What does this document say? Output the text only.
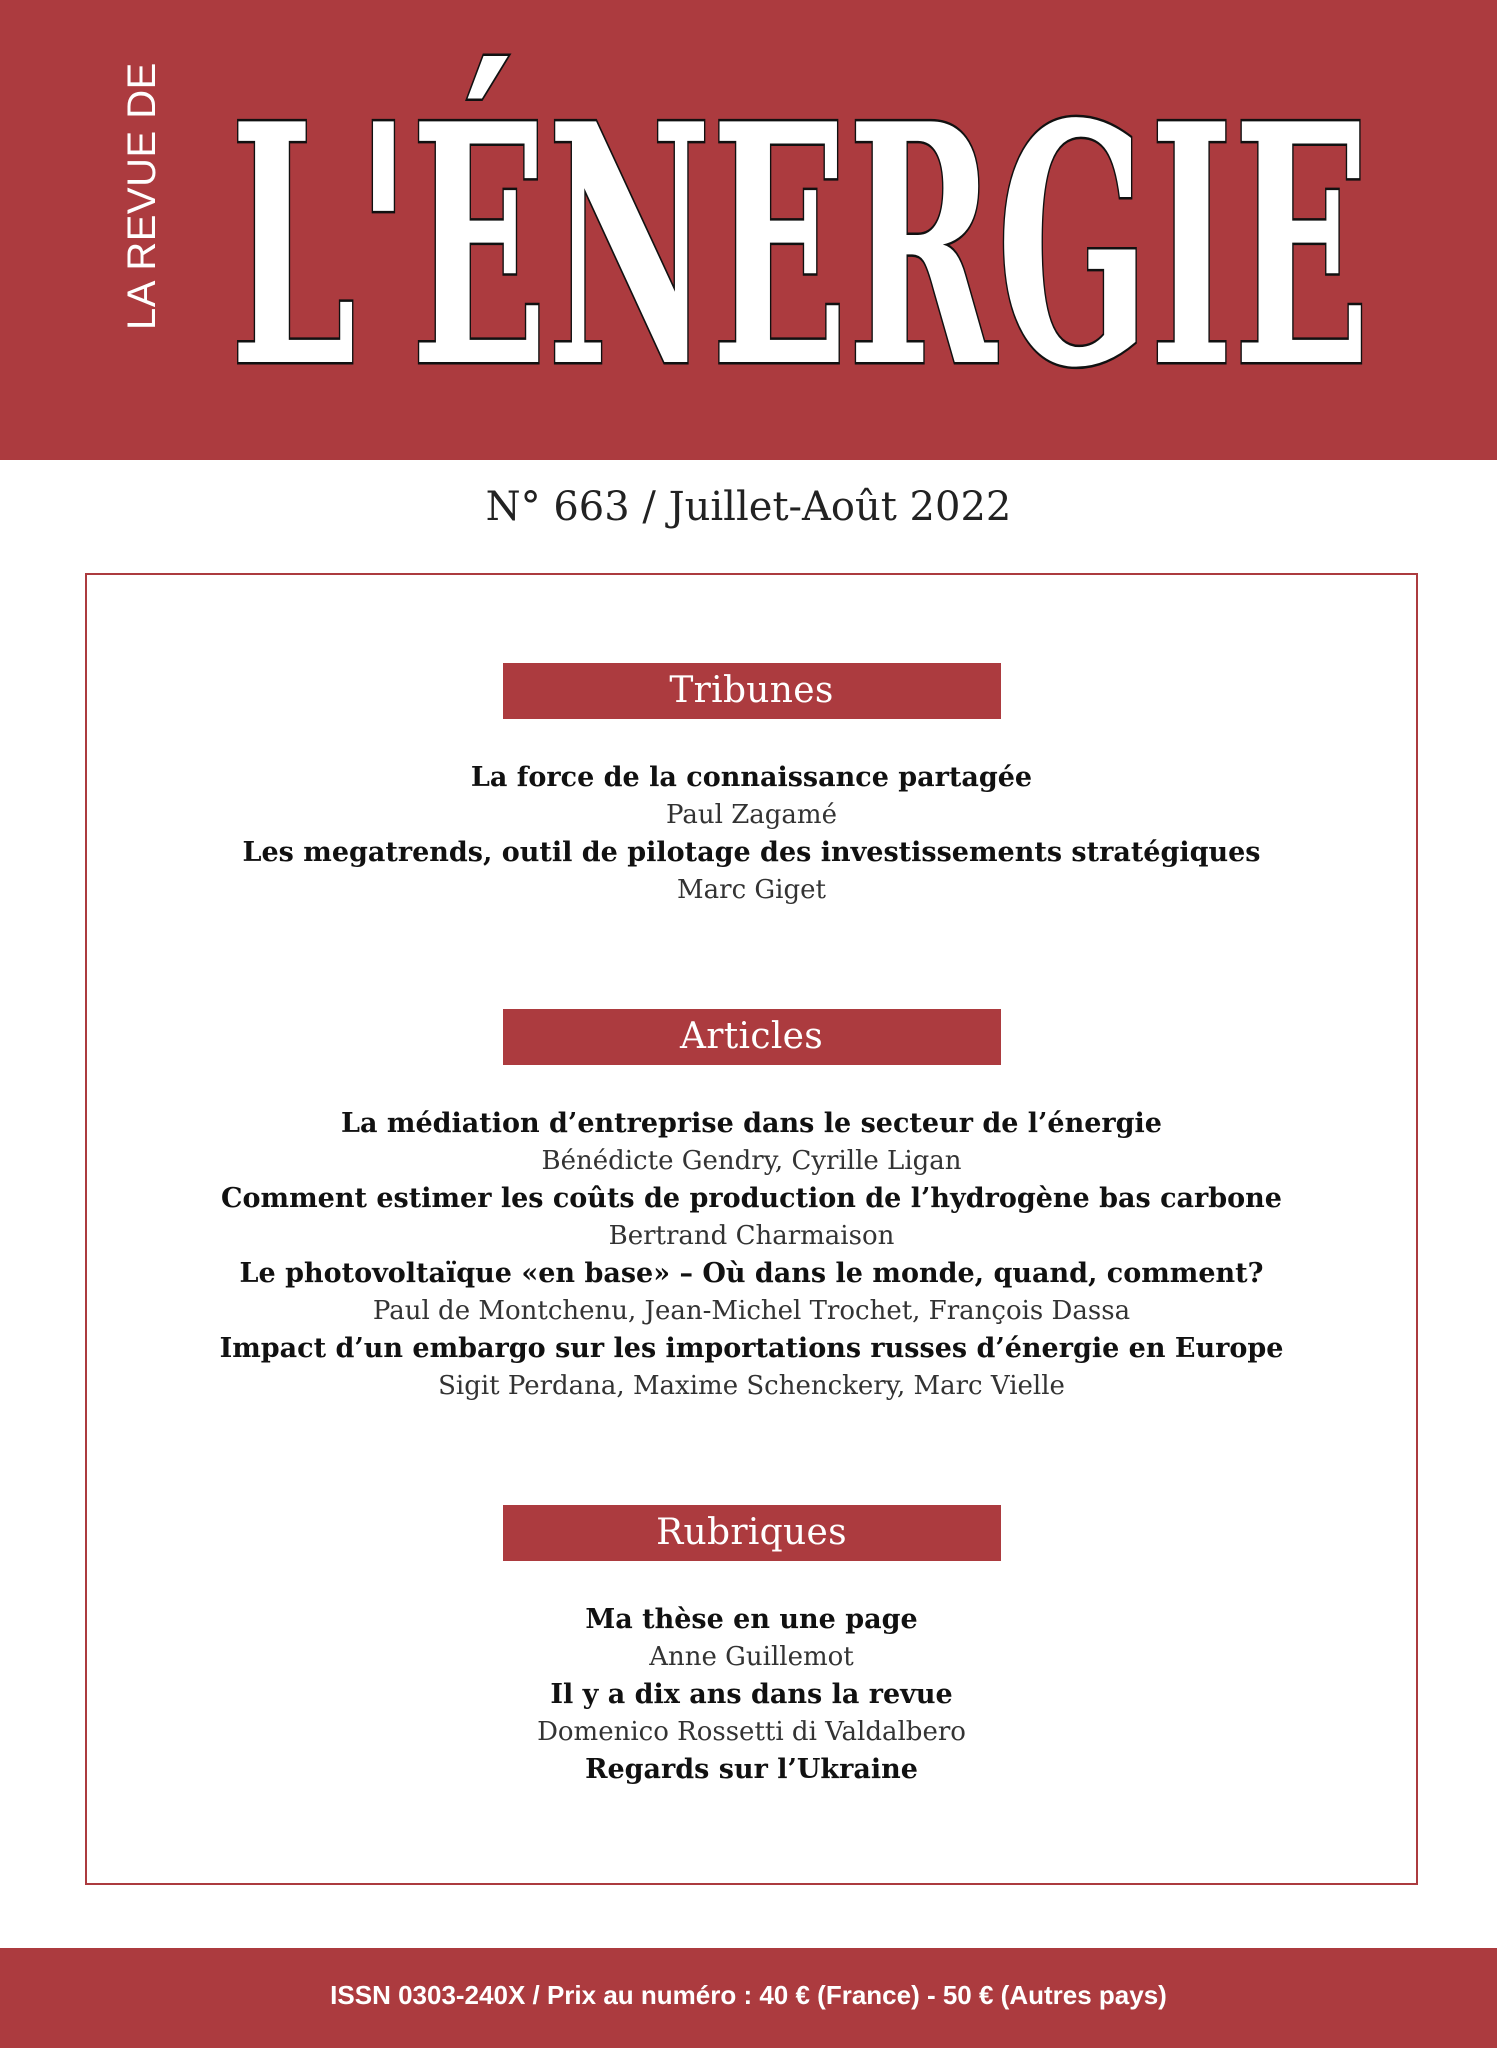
LA REVUE DE L'ÉNERGIE
N° 663 / Juillet-Août 2022
Tribunes
La force de la connaissance partagée
Paul Zagamé
Les megatrends, outil de pilotage des investissements stratégiques
Marc Giget
Articles
La médiation d’entreprise dans le secteur de l’énergie
Bénédicte Gendry, Cyrille Ligan
Comment estimer les coûts de production de l’hydrogène bas carbone
Bertrand Charmaison
Le photovoltaïque «en base» – Où dans le monde, quand, comment?
Paul de Montchenu, Jean-Michel Trochet, François Dassa
Impact d’un embargo sur les importations russes d’énergie en Europe
Sigit Perdana, Maxime Schenckery, Marc Vielle
Rubriques
Ma thèse en une page
Anne Guillemot
Il y a dix ans dans la revue
Domenico Rossetti di Valdalbero
Regards sur l’Ukraine
ISSN 0303-240X / Prix au numéro : 40 € (France) - 50 € (Autres pays)
